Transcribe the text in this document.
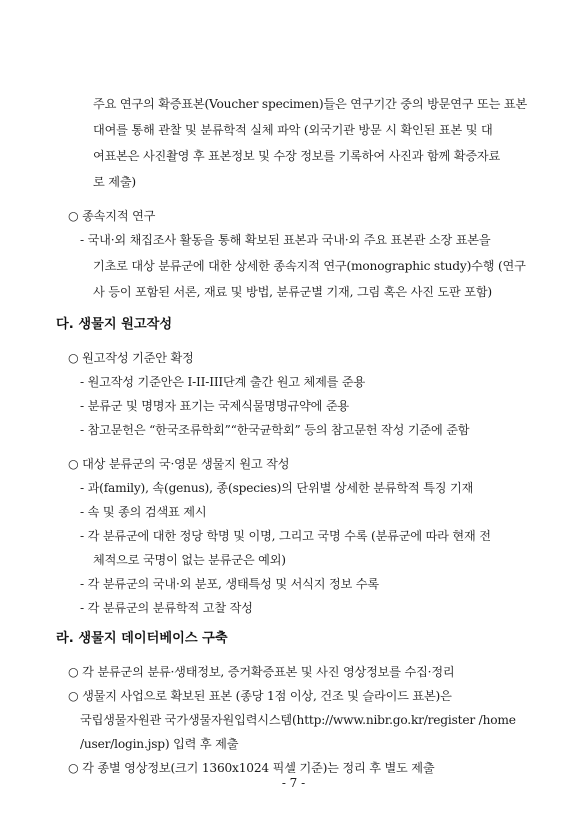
주요 연구의 확증표본(Voucher specimen)들은 연구기간 중의 방문연구 또는 표본
대여를 통해 관찰 및 분류학적 실체 파악 (외국기관 방문 시 확인된 표본 및 대
여표본은 사진촬영 후 표본정보 및 수장 정보를 기록하여 사진과 함께 확증자료
로 제출)
○ 종속지적 연구
- 국내·외 채집조사 활동을 통해 확보된 표본과 국내·외 주요 표본관 소장 표본을
기초로 대상 분류군에 대한 상세한 종속지적 연구(monographic study)수행 (연구
사 등이 포함된 서론, 재료 및 방법, 분류군별 기재, 그림 혹은 사진 도판 포함)
다. 생물지 원고작성
○ 원고작성 기준안 확정
- 원고작성 기준안은 I-II-III단계 출간 원고 체제를 준용
- 분류군 및 명명자 표기는 국제식물명명규약에 준용
- 참고문헌은 “한국조류학회”“한국균학회” 등의 참고문헌 작성 기준에 준함
○ 대상 분류군의 국·영문 생물지 원고 작성
- 과(family), 속(genus), 종(species)의 단위별 상세한 분류학적 특징 기재
- 속 및 종의 검색표 제시
- 각 분류군에 대한 정당 학명 및 이명, 그리고 국명 수록 (분류군에 따라 현재 전
체적으로 국명이 없는 분류군은 예외)
- 각 분류군의 국내·외 분포, 생태특성 및 서식지 정보 수록
- 각 분류군의 분류학적 고찰 작성
라. 생물지 데이터베이스 구축
○ 각 분류군의 분류·생태정보, 증거확증표본 및 사진 영상정보를 수집·정리
○ 생물지 사업으로 확보된 표본 (종당 1점 이상, 건조 및 슬라이드 표본)은
국립생물자원관 국가생물자원입력시스템(http://www.nibr.go.kr/register /home
/user/login.jsp) 입력 후 제출
○ 각 종별 영상정보(크기 1360x1024 픽셀 기준)는 정리 후 별도 제출
- 7 -
